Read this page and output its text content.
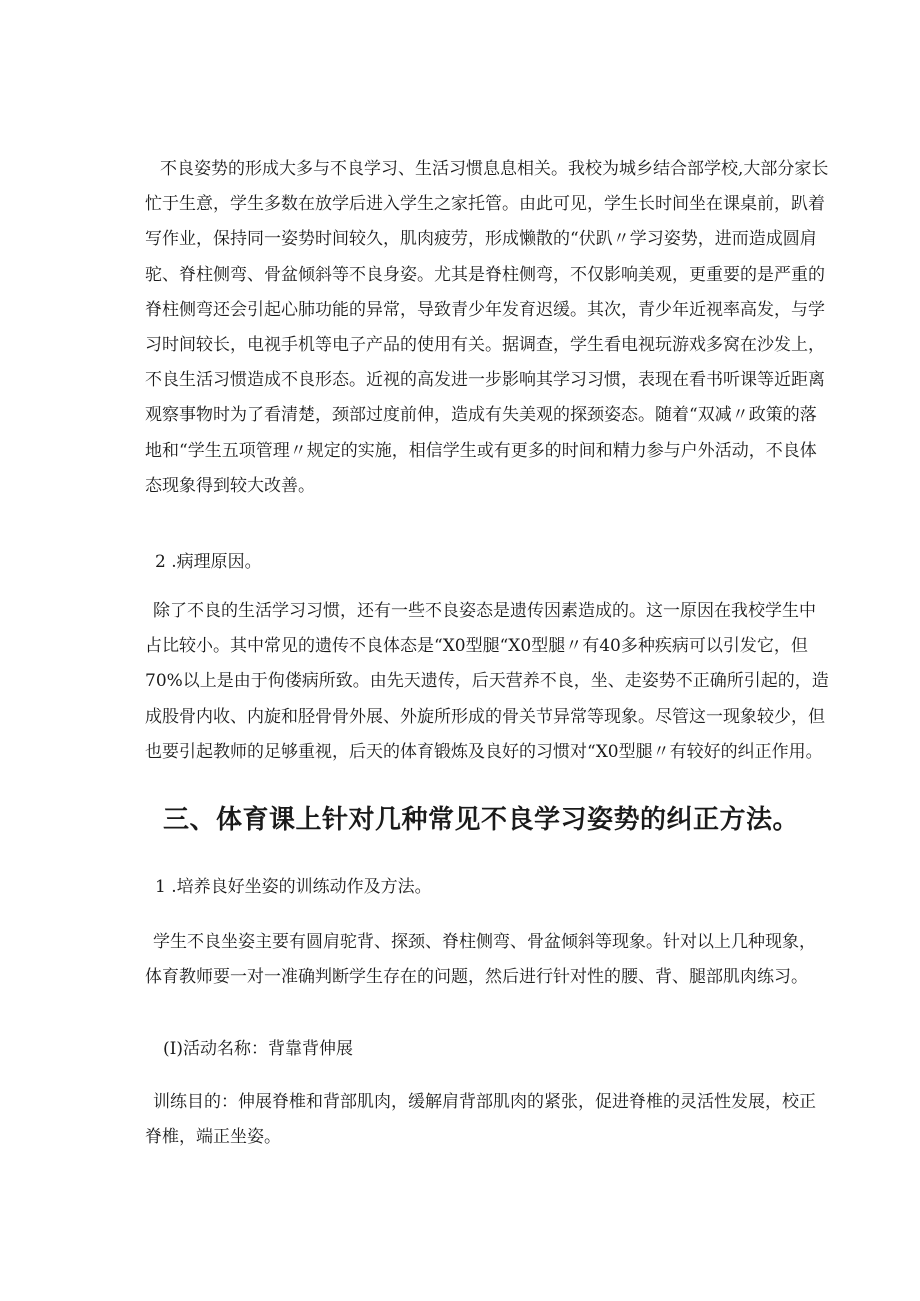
不良姿势的形成大多与不良学习、生活习惯息息相关。我校为城乡结合部学校,大部分家长忙于生意，学生多数在放学后进入学生之家托管。由此可见，学生长时间坐在课桌前，趴着写作业，保持同一姿势时间较久，肌肉疲劳，形成懒散的“伏趴〃学习姿势，进而造成圆肩驼、脊柱侧弯、骨盆倾斜等不良身姿。尤其是脊柱侧弯，不仅影响美观，更重要的是严重的脊柱侧弯还会引起心肺功能的异常，导致青少年发育迟缓。其次，青少年近视率高发，与学习时间较长，电视手机等电子产品的使用有关。据调查，学生看电视玩游戏多窝在沙发上，不良生活习惯造成不良形态。近视的高发进一步影响其学习习惯，表现在看书听课等近距离观察事物时为了看清楚，颈部过度前伸，造成有失美观的探颈姿态。随着“双减〃政策的落地和“学生五项管理〃规定的实施，相信学生或有更多的时间和精力参与户外活动，不良体态现象得到较大改善。

2 .病理原因。

除了不良的生活学习习惯，还有一些不良姿态是遗传因素造成的。这一原因在我校学生中占比较小。其中常见的遗传不良体态是“X0型腿“X0型腿〃有40多种疾病可以引发它，但70%以上是由于佝偻病所致。由先天遗传，后天营养不良，坐、走姿势不正确所引起的，造成股骨内收、内旋和胫骨骨外展、外旋所形成的骨关节异常等现象。尽管这一现象较少，但也要引起教师的足够重视，后天的体育锻炼及良好的习惯对“X0型腿〃有较好的纠正作用。

三、体育课上针对几种常见不良学习姿势的纠正方法。

1 .培养良好坐姿的训练动作及方法。

学生不良坐姿主要有圆肩驼背、探颈、脊柱侧弯、骨盆倾斜等现象。针对以上几种现象，体育教师要一对一准确判断学生存在的问题，然后进行针对性的腰、背、腿部肌肉练习。

(I)活动名称：背靠背伸展

训练目的：伸展脊椎和背部肌肉，缓解肩背部肌肉的紧张，促进脊椎的灵活性发展，校正脊椎，端正坐姿。
